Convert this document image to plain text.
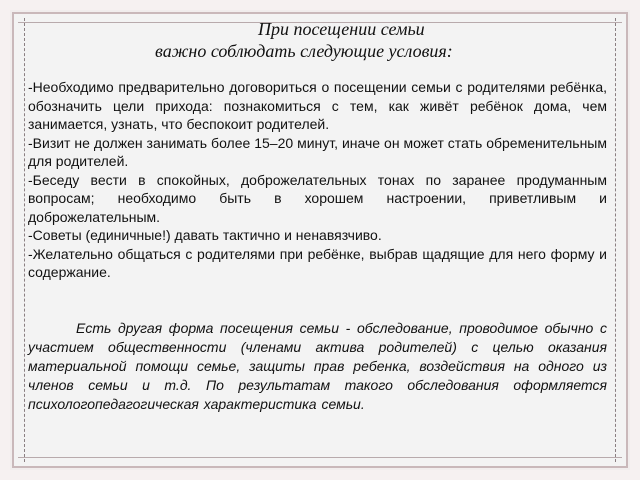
При посещении семьи
важно соблюдать следующие условия:

-Необходимо предварительно договориться о посещении семьи с родителями ребёнка, обозначить цели прихода: познакомиться с тем, как живёт ребёнок дома, чем занимается, узнать, что беспокоит родителей.

-Визит не должен занимать более 15–20 минут, иначе он может стать обременительным для родителей.

-Беседу вести в спокойных, доброжелательных тонах по заранее продуманным вопросам; необходимо быть в хорошем настроении, приветливым и доброжелательным.

-Советы (единичные!) давать тактично и ненавязчиво.

-Желательно общаться с родителями при ребёнке, выбрав щадящие для него форму и содержание.

Есть другая форма посещения семьи - обследование, проводимое обычно с участием общественности (членами актива родителей) с целью оказания материальной помощи семье, защиты прав ребенка, воздействия на одного из членов семьи и т.д. По результатам такого обследования оформляется психологопедагогическая характеристика семьи.
